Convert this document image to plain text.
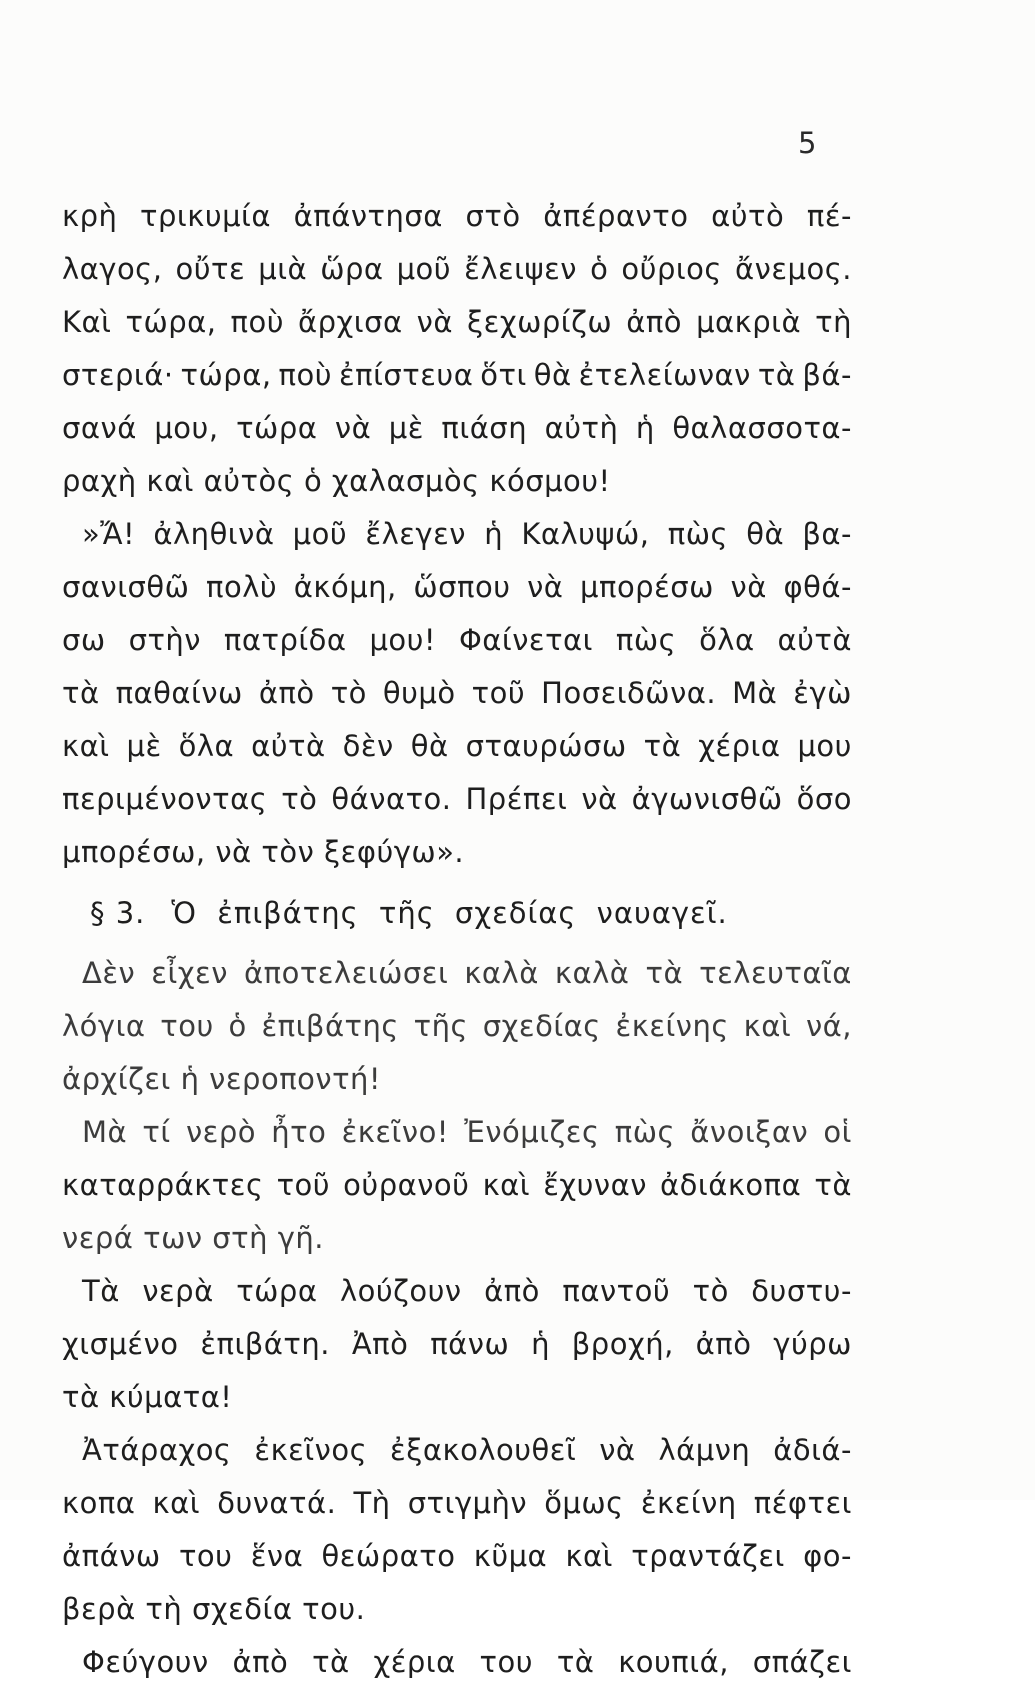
5
κρὴ τρικυμία ἀπάντησα στὸ ἀπέραντο αὐτὸ πέ-
λαγος, οὔτε μιὰ ὥρα μοῦ ἔλειψεν ὁ οὔριος ἄνεμος.
Καὶ τώρα, ποὺ ἄρχισα νὰ ξεχωρίζω ἀπὸ μακριὰ τὴ
στεριά· τώρα, ποὺ ἐπίστευα ὅτι θὰ ἐτελείωναν τὰ βά-
σανά μου, τώρα νὰ μὲ πιάση αὐτὴ ἡ θαλασσοτα-
ραχὴ καὶ αὐτὸς ὁ χαλασμὸς κόσμου!
»Ἄ! ἀληθινὰ μοῦ ἔλεγεν ἡ Καλυψώ, πὼς θὰ βα-
σανισθῶ πολὺ ἀκόμη, ὥσπου νὰ μπορέσω νὰ φθά-
σω στὴν πατρίδα μου! Φαίνεται πὼς ὅλα αὐτὰ
τὰ παθαίνω ἀπὸ τὸ θυμὸ τοῦ Ποσειδῶνα. Μὰ ἐγὼ
καὶ μὲ ὅλα αὐτὰ δὲν θὰ σταυρώσω τὰ χέρια μου
περιμένοντας τὸ θάνατο. Πρέπει νὰ ἀγωνισθῶ ὅσο
μπορέσω, νὰ τὸν ξεφύγω».
§ 3. Ὁ ἐπιβάτης τῆς σχεδίας ναυαγεῖ.
Δὲν εἶχεν ἀποτελειώσει καλὰ καλὰ τὰ τελευταῖα
λόγια του ὁ ἐπιβάτης τῆς σχεδίας ἐκείνης καὶ νά,
ἀρχίζει ἡ νεροποντή!
Μὰ τί νερὸ ἦτο ἐκεῖνο! Ἐνόμιζες πὼς ἄνοιξαν οἱ
καταρράκτες τοῦ οὐρανοῦ καὶ ἔχυναν ἀδιάκοπα τὰ
νερά των στὴ γῆ.
Τὰ νερὰ τώρα λούζουν ἀπὸ παντοῦ τὸ δυστυ-
χισμένο ἐπιβάτη. Ἀπὸ πάνω ἡ βροχή, ἀπὸ γύρω
τὰ κύματα!
Ἀτάραχος ἐκεῖνος ἐξακολουθεῖ νὰ λάμνη ἀδιά-
κοπα καὶ δυνατά. Τὴ στιγμὴν ὅμως ἐκείνη πέφτει
ἀπάνω του ἕνα θεώρατο κῦμα καὶ τραντάζει φο-
βερὰ τὴ σχεδία του.
Φεύγουν ἀπὸ τὰ χέρια του τὰ κουπιά, σπάζει
